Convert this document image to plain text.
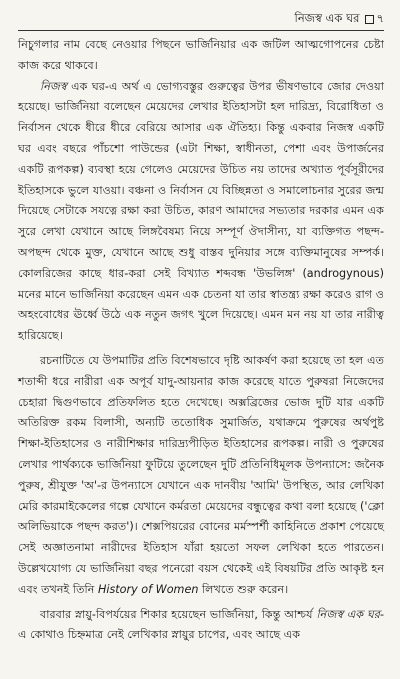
নিজস্ব এক ঘর ৭

নিচুগলার নাম বেছে নেওয়ার পিছনে ভার্জিনিয়ার এক জটিল আত্মগোপনের চেষ্টা কাজ করে থাকবে।

নিজস্ব এক ঘর-এ অর্থ এ ভোগ্যবস্তুর গুরুত্বের উপর ভীষণভাবে জোর দেওয়া হয়েছে। ভার্জিনিয়া বলেছেন মেয়েদের লেখার ইতিহাসটা হল দারিদ্র্য, বিরোধিতা ও নির্বাসন থেকে ধীরে ধীরে বেরিয়ে আসার এক ঐতিহ্য। কিন্তু একবার নিজস্ব একটি ঘর এবং বছরে পাঁচশো পাউন্ডের (এটা শিক্ষা, স্বাধীনতা, পেশা এবং উপার্জনের একটি রূপকল্প) ব্যবস্থা হয়ে গেলেও মেয়েদের উচিত নয় তাদের অখ্যাত পূর্বসূরীদের ইতিহাসকে ভুলে যাওয়া। বঞ্চনা ও নির্বাসন যে বিচ্ছিন্নতা ও সমালোচনার সুরের জন্ম দিয়েছে সেটাকে সযত্নে রক্ষা করা উচিত, কারণ আমাদের সভ্যতার দরকার এমন এক সুরে লেখা যেখানে আছে লিঙ্গবৈষম্য নিয়ে সম্পূর্ণ ঔদাসীন্য, যা ব্যক্তিগত পছন্দ-অপছন্দ থেকে মুক্ত, যেখানে আছে শুধু বাস্তব দুনিয়ার সঙ্গে ব্যক্তিমানুষের সম্পর্ক। কোলরিজের কাছে ধার-করা সেই বিখ্যাত শব্দবন্ধ 'উভলিঙ্গ' (androgynous) মনের মানে ভার্জিনিয়া করেছেন এমন এক চেতনা যা তার স্বাতন্ত্র্য রক্ষা করেও রাগ ও অহংবোধের ঊর্ধ্বে উঠে এক নতুন জগৎ খুলে দিয়েছে। এমন মন নয় যা তার নারীত্ব হারিয়েছে।

রচনাটিতে যে উপমাটির প্রতি বিশেষভাবে দৃষ্টি আকর্ষণ করা হয়েছে তা হল এত শতাব্দী ধরে নারীরা এক অপূর্ব যাদু-আয়নার কাজ করেছে যাতে পুরুষরা নিজেদের চেহারা দ্বিগুণভাবে প্রতিফলিত হতে দেখেছে। অক্সব্রিজের ভোজ দুটি যার একটি অতিরিক্ত রকম বিলাসী, অন্যটি ততোধিক সুমার্জিত, যথাক্রমে পুরুষের অর্থপুষ্ট শিক্ষা-ইতিহাসের ও নারীশিক্ষার দারিদ্র্যপীড়িত ইতিহাসের রূপকল্প। নারী ও পুরুষের লেখার পার্থক্যকে ভার্জিনিয়া ফুটিয়ে তুলেছেন দুটি প্রতিনিধিমূলক উপন্যাসে: জনৈক পুরুষ, শ্রীযুক্ত 'অ'-র উপন্যাসে যেখানে এক দানবীয় 'আমি' উপস্থিত, আর লেখিকা মেরি কারমাইকেলের গল্পে যেখানে কর্মরতা মেয়েদের বন্ধুত্বের কথা বলা হয়েছে ('ক্লো অলিভিয়াকে পছন্দ করত')। শেক্সপিয়রের বোনের মর্মস্পর্শী কাহিনিতে প্রকাশ পেয়েছে সেই অজ্ঞাতনামা নারীদের ইতিহাস যাঁরা হয়তো সফল লেখিকা হতে পারতেন। উল্লেখযোগ্য যে ভার্জিনিয়া বছর পনেরো বয়স থেকেই এই বিষয়টির প্রতি আকৃষ্ট হন এবং তখনই তিনি History of Women লিখতে শুরু করেন।

বারবার স্নায়ু-বিপর্যয়ের শিকার হয়েছেন ভার্জিনিয়া, কিন্তু আশ্চর্য নিজস্ব এক ঘর-এ কোথাও চিহ্নমাত্র নেই লেখিকার স্নায়ুর চাপের, এবং আছে এক
